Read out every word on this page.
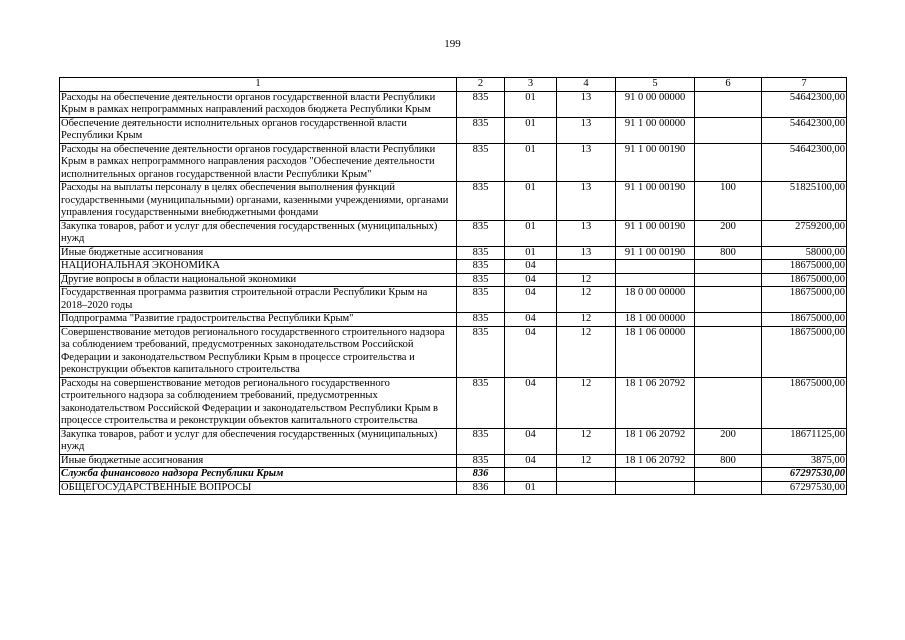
199
1	2	3	4	5	6	7
Расходы на обеспечение деятельности органов государственной власти Республики Крым в рамках непрограммных направлений расходов бюджета Республики Крым	835	01	13	91 0 00 00000		54642300,00
Обеспечение деятельности исполнительных органов государственной власти Республики Крым	835	01	13	91 1 00 00000		54642300,00
Расходы на обеспечение деятельности органов государственной власти Республики Крым в рамках непрограммного направления расходов "Обеспечение деятельности исполнительных органов государственной власти Республики Крым"	835	01	13	91 1 00 00190		54642300,00
Расходы на выплаты персоналу в целях обеспечения выполнения функций государственными (муниципальными) органами, казенными учреждениями, органами управления государственными внебюджетными фондами	835	01	13	91 1 00 00190	100	51825100,00
Закупка товаров, работ и услуг для обеспечения государственных (муниципальных) нужд	835	01	13	91 1 00 00190	200	2759200,00
Иные бюджетные ассигнования	835	01	13	91 1 00 00190	800	58000,00
НАЦИОНАЛЬНАЯ ЭКОНОМИКА	835	04				18675000,00
Другие вопросы в области национальной экономики	835	04	12			18675000,00
Государственная программа развития строительной отрасли Республики Крым на 2018–2020 годы	835	04	12	18 0 00 00000		18675000,00
Подпрограмма "Развитие градостроительства Республики Крым"	835	04	12	18 1 00 00000		18675000,00
Совершенствование методов регионального государственного строительного надзора за соблюдением требований, предусмотренных законодательством Российской Федерации и законодательством Республики Крым в процессе строительства и реконструкции объектов капитального строительства	835	04	12	18 1 06 00000		18675000,00
Расходы на совершенствование методов регионального государственного строительного надзора за соблюдением требований, предусмотренных законодательством Российской Федерации и законодательством Республики Крым в процессе строительства и реконструкции объектов капитального строительства	835	04	12	18 1 06 20792		18675000,00
Закупка товаров, работ и услуг для обеспечения государственных (муниципальных) нужд	835	04	12	18 1 06 20792	200	18671125,00
Иные бюджетные ассигнования	835	04	12	18 1 06 20792	800	3875,00
Служба финансового надзора Республики Крым	836					67297530,00
ОБЩЕГОСУДАРСТВЕННЫЕ ВОПРОСЫ	836	01				67297530,00
